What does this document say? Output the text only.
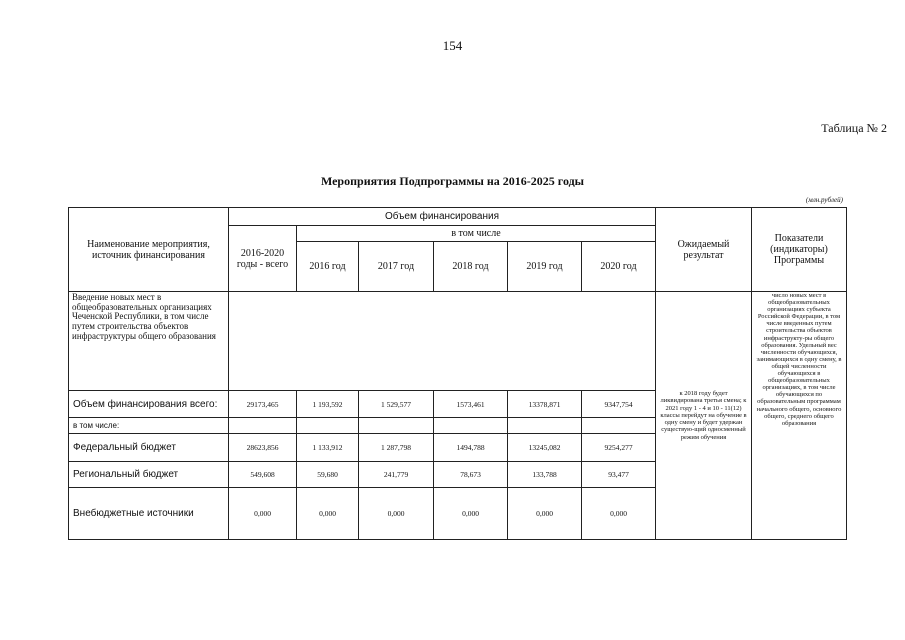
154
Таблица № 2
Мероприятия Подпрограммы на 2016-2025 годы
(млн.рублей)
Наименование мероприятия, источник финансирования	Объем финансирования						Ожидаемый результат	Показатели (индикаторы) Программы
	2016-2020 годы - всего	в том числе						
		2016 год	2017 год	2018 год	2019 год	2020 год		
Введение новых мест в общеобразовательных организациях Чеченской Республики, в том числе путем строительства объектов инфраструктуры общего образования							к 2018 году будет ликвидирована третья смена; к 2021 году 1 - 4 и 10 - 11(12) классы перейдут на обучение в одну смену и будет удержан существую-щий односменный режим обучения	число новых мест в общеобразовательных организациях субъекта Российской Федерации, в том числе введенных путем строительства объектов инфраструкту-ры общего образования. Удельный вес численности обучающихся, занимающихся в одну смену, в общей численности обучающихся в общеобразовательных организациях, в том числе обучающихся по образовательным программам начального общего, основного общего, среднего общего образования
Объем финансирования всего:	29173,465	1 193,592	1 529,577	1573,461	13378,871	9347,754		
в том числе:								
Федеральный бюджет	28623,856	1 133,912	1 287,798	1494,788	13245,082	9254,277		
Региональный бюджет	549,608	59,680	241,779	78,673	133,788	93,477		
Внебюджетные источники	0,000	0,000	0,000	0,000	0,000	0,000		
